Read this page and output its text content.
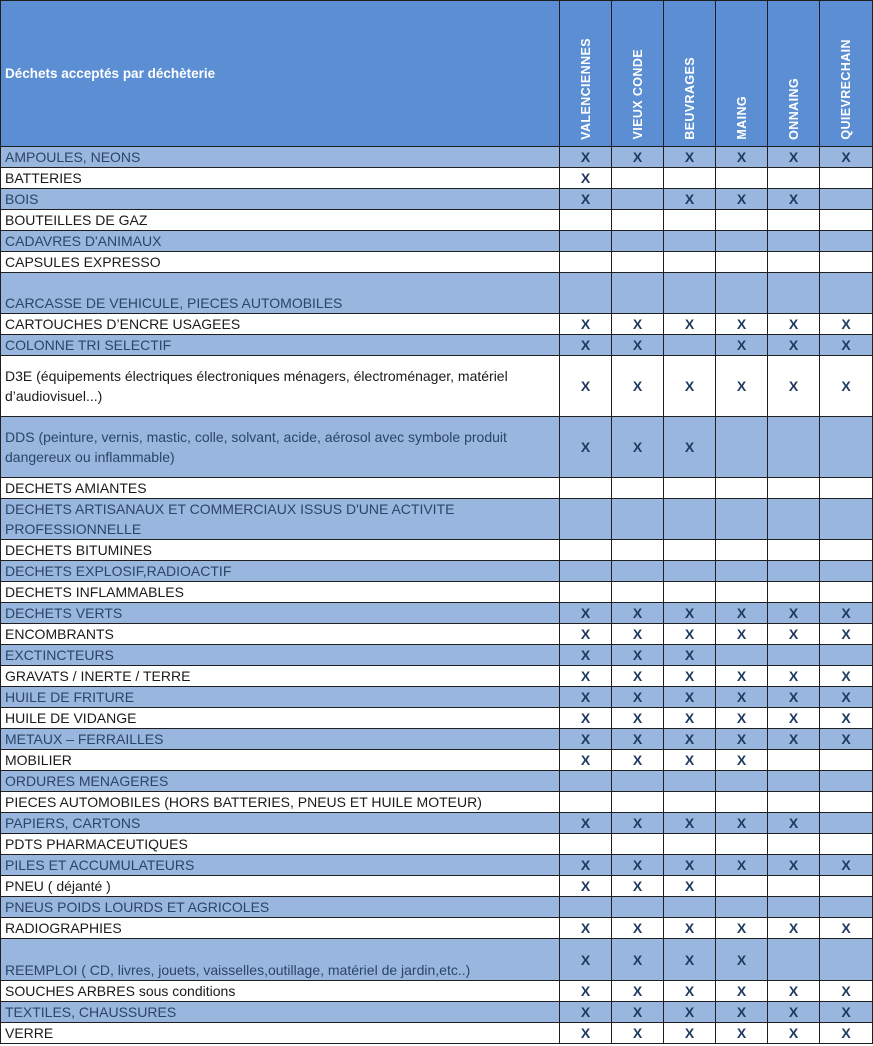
Déchets acceptés par déchèterie	VALENCIENNES	VIEUX CONDE	BEUVRAGES	MAING	ONNAING	QUIEVRECHAIN

AMPOULES, NEONS	X	X	X	X	X	X
BATTERIES	X					
BOIS	X		X	X	X	
BOUTEILLES DE GAZ						
CADAVRES D'ANIMAUX						
CAPSULES EXPRESSO						
CARCASSE DE VEHICULE, PIECES AUTOMOBILES						
CARTOUCHES D’ENCRE USAGEES	X	X	X	X	X	X
COLONNE TRI SELECTIF	X	X		X	X	X
D3E (équipements électriques électroniques ménagers, électroménager, matériel d’audiovisuel...)	X	X	X	X	X	X
DDS (peinture, vernis, mastic, colle, solvant, acide, aérosol avec symbole produit dangereux ou inflammable)	X	X	X			
DECHETS AMIANTES						
DECHETS ARTISANAUX ET COMMERCIAUX ISSUS D'UNE ACTIVITE PROFESSIONNELLE						
DECHETS BITUMINES						
DECHETS EXPLOSIF,RADIOACTIF						
DECHETS INFLAMMABLES						
DECHETS VERTS	X	X	X	X	X	X
ENCOMBRANTS	X	X	X	X	X	X
EXCTINCTEURS	X	X	X			
GRAVATS / INERTE / TERRE	X	X	X	X	X	X
HUILE DE FRITURE	X	X	X	X	X	X
HUILE DE VIDANGE	X	X	X	X	X	X
METAUX – FERRAILLES	X	X	X	X	X	X
MOBILIER	X	X	X	X		
ORDURES MENAGERES						
PIECES AUTOMOBILES (HORS BATTERIES, PNEUS ET HUILE MOTEUR)						
PAPIERS, CARTONS	X	X	X	X	X	
PDTS PHARMACEUTIQUES						
PILES ET ACCUMULATEURS	X	X	X	X	X	X
PNEU ( déjanté )	X	X	X			
PNEUS POIDS LOURDS ET AGRICOLES						
RADIOGRAPHIES	X	X	X	X	X	X
REEMPLOI ( CD, livres, jouets, vaisselles,outillage, matériel de jardin,etc..)	X	X	X	X		
SOUCHES ARBRES sous conditions	X	X	X	X	X	X
TEXTILES, CHAUSSURES	X	X	X	X	X	X
VERRE	X	X	X	X	X	X
